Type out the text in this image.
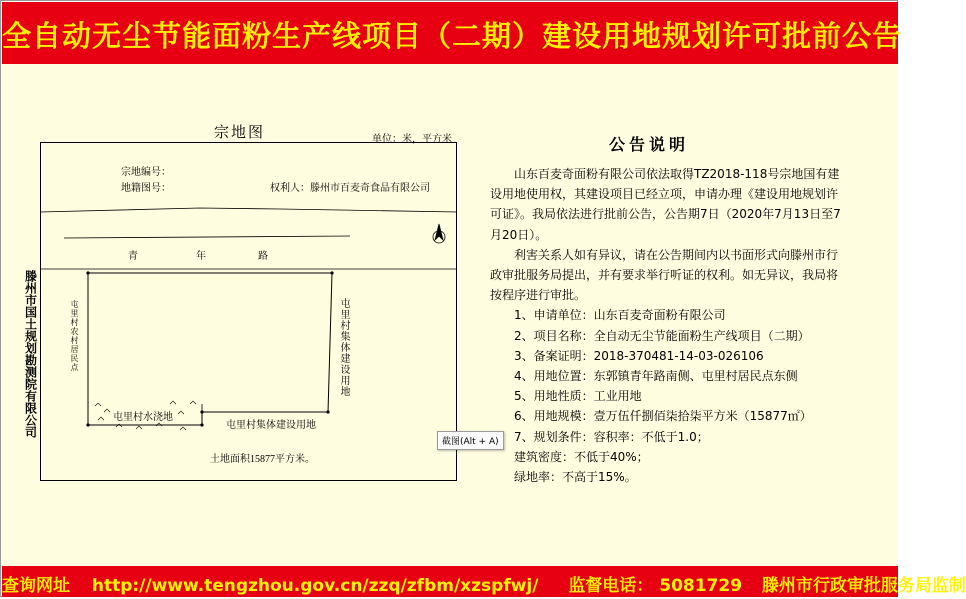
全自动无尘节能面粉生产线项目（二期）建设用地规划许可批前公告
宗地图	单位：米，平方米
宗地编号：
地籍图号：	权利人：滕州市百麦奇食品有限公司
青	年	路
屯里村农村居民点	屯里村集体建设用地
屯里村水浇地
屯里村集体建设用地
土地面积15877平方米。
滕州市国土规划勘测院有限公司
截图(Alt + A)
公告说明

山东百麦奇面粉有限公司依法取得TZ2018-118号宗地国有建设用地使用权，其建设项目已经立项，申请办理《建设用地规划许可证》。我局依法进行批前公告，公告期7日（2020年7月13日至7月20日）。

利害关系人如有异议，请在公告期间内以书面形式向滕州市行政审批服务局提出，并有要求举行听证的权利。如无异议，我局将按程序进行审批。

1、申请单位：山东百麦奇面粉有限公司

2、项目名称：全自动无尘节能面粉生产线项目（二期）

3、备案证明：2018-370481-14-03-026106

4、用地位置：东郭镇青年路南侧、屯里村居民点东侧

5、用地性质：工业用地

6、用地规模：壹万伍仟捌佰柒拾柒平方米（15877㎡）

7、规划条件：容积率：不低于1.0；

建筑密度：不低于40%；

绿地率：不高于15%。

查询网址 http://www.tengzhou.gov.cn/zzq/zfbm/xzspfwj/ 监督电话： 5081729 滕州市行政审批服务局监制
